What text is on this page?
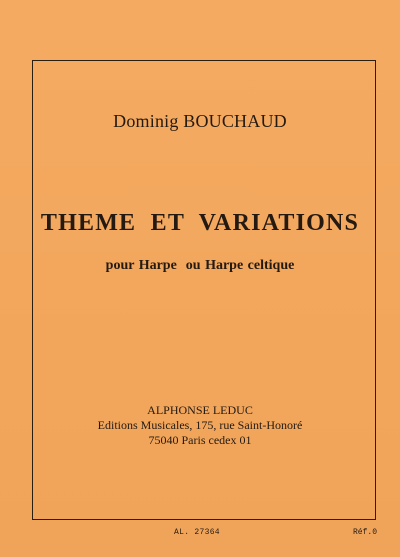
Dominig BOUCHAUD
THEME  ET  VARIATIONS
pour Harpe  ou Harpe celtique
ALPHONSE LEDUC
Editions Musicales, 175, rue Saint-Honoré
75040 Paris cedex 01
AL. 27364	Réf.0
